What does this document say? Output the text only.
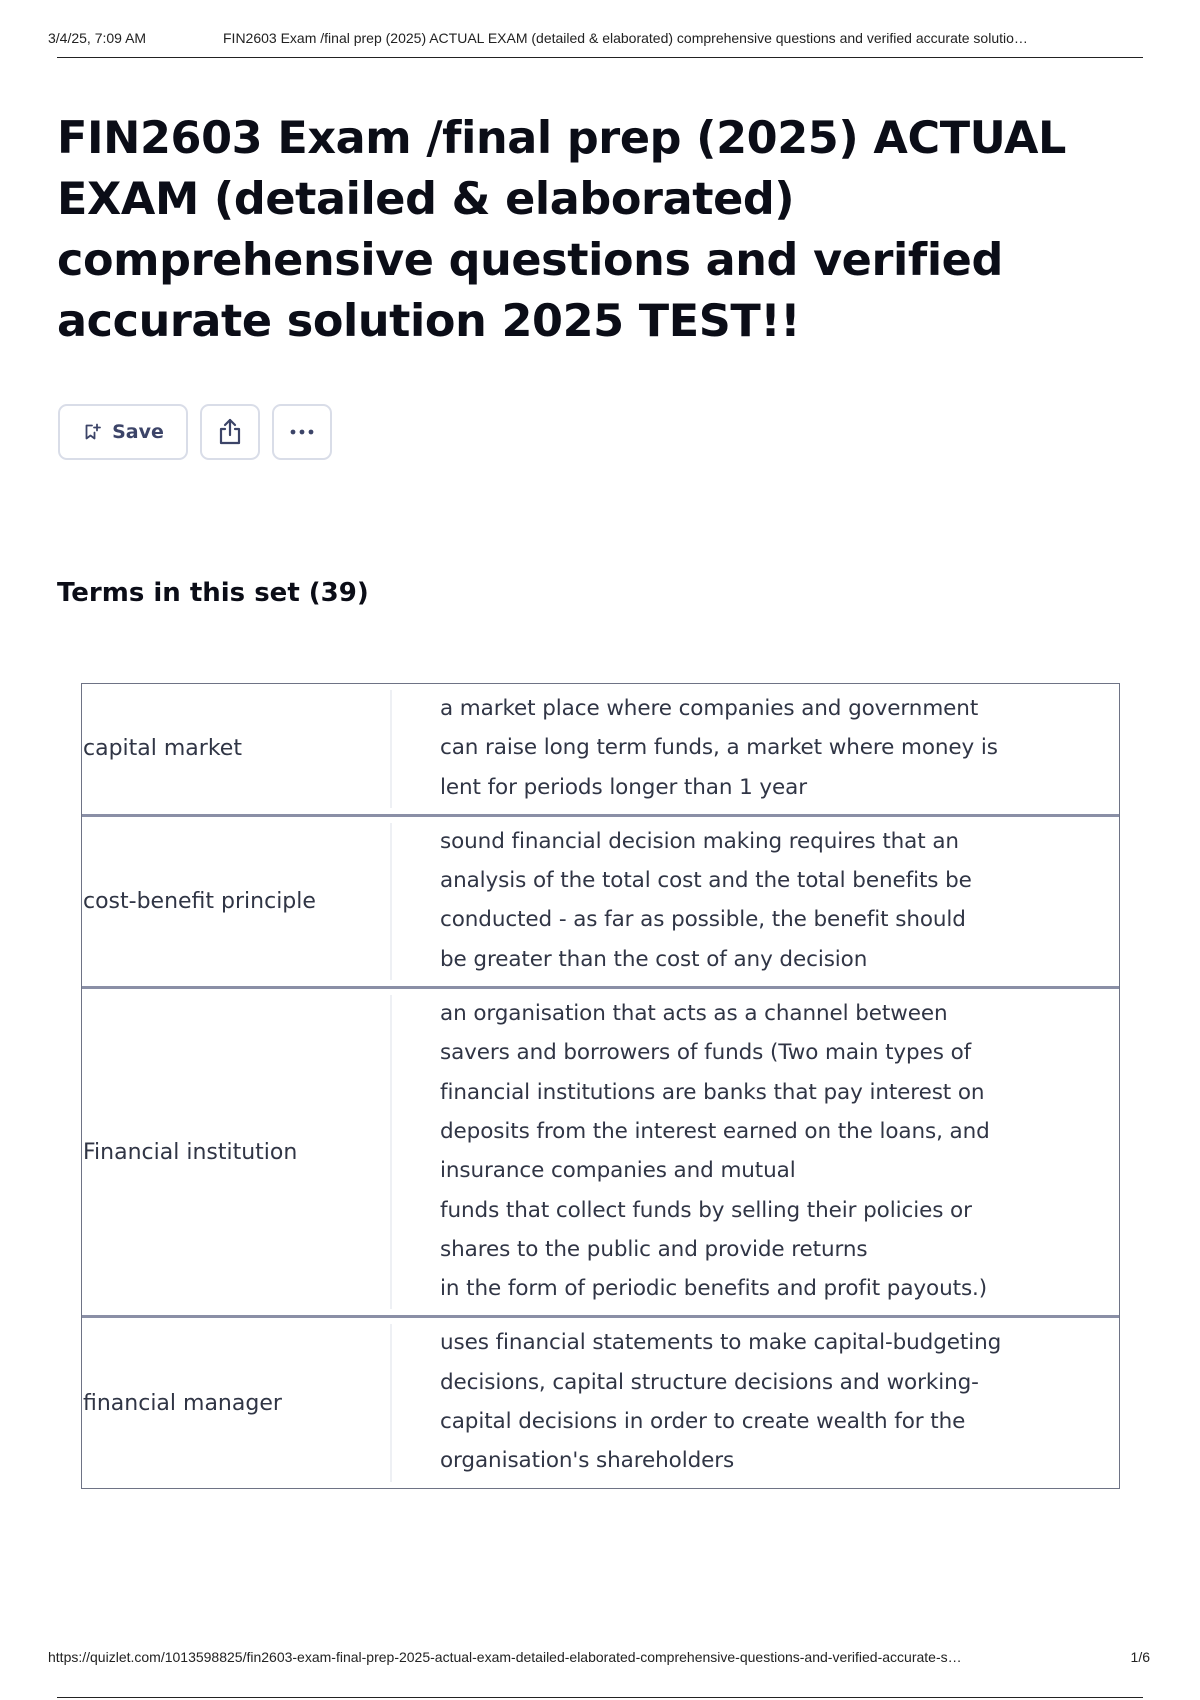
3/4/25, 7:09 AM	FIN2603 Exam /final prep (2025) ACTUAL EXAM (detailed & elaborated) comprehensive questions and verified accurate solutio…
FIN2603 Exam /final prep (2025) ACTUAL EXAM (detailed & elaborated) comprehensive questions and verified accurate solution 2025 TEST!!
Save
Terms in this set (39)
capital market
a market place where companies and government
can raise long term funds, a market where money is
lent for periods longer than 1 year
cost-benefit principle
sound financial decision making requires that an
analysis of the total cost and the total benefits be
conducted - as far as possible, the benefit should
be greater than the cost of any decision
Financial institution
an organisation that acts as a channel between
savers and borrowers of funds (Two main types of
financial institutions are banks that pay interest on
deposits from the interest earned on the loans, and
insurance companies and mutual
funds that collect funds by selling their policies or
shares to the public and provide returns
in the form of periodic benefits and profit payouts.)
financial manager
uses financial statements to make capital-budgeting
decisions, capital structure decisions and working-
capital decisions in order to create wealth for the
organisation's shareholders
https://quizlet.com/1013598825/fin2603-exam-final-prep-2025-actual-exam-detailed-elaborated-comprehensive-questions-and-verified-accurate-s…	1/6
